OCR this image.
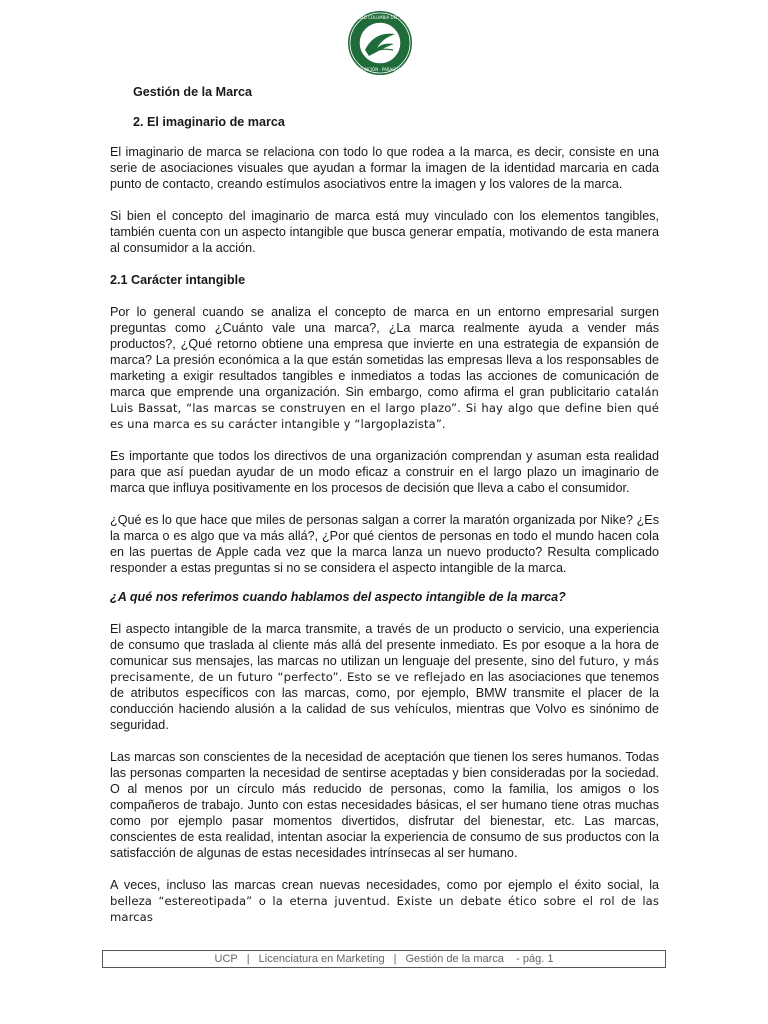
UNIVERSIDAD COLUMBIA DEL PARAGUAY
ASUNCIÓN · PARAGUAY

Gestión de la Marca

2. El imaginario de marca

El imaginario de marca se relaciona con todo lo que rodea a la marca, es decir, consiste en una serie de asociaciones visuales que ayudan a formar la imagen de la identidad marcaria en cada punto de contacto, creando estímulos asociativos entre la imagen y los valores de la marca.

Si bien el concepto del imaginario de marca está muy vinculado con los elementos tangibles, también cuenta con un aspecto intangible que busca generar empatía, motivando de esta manera al consumidor a la acción.

2.1 Carácter intangible

Por lo general cuando se analiza el concepto de marca en un entorno empresarial surgen preguntas como ¿Cuánto vale una marca?, ¿La marca realmente ayuda a vender más productos?, ¿Qué retorno obtiene una empresa que invierte en una estrategia de expansión de marca? La presión económica a la que están sometidas las empresas lleva a los responsables de marketing a exigir resultados tangibles e inmediatos a todas las acciones de comunicación de marca que emprende una organización. Sin embargo, como afirma el gran publicitario catalán Luis Bassat, “las marcas se construyen en el largo plazo”. Si hay algo que define bien qué es una marca es su carácter intangible y “largoplazista”.

Es importante que todos los directivos de una organización comprendan y asuman esta realidad para que así puedan ayudar de un modo eficaz a construir en el largo plazo un imaginario de marca que influya positivamente en los procesos de decisión que lleva a cabo el consumidor.

¿Qué es lo que hace que miles de personas salgan a correr la maratón organizada por Nike? ¿Es la marca o es algo que va más allá?, ¿Por qué cientos de personas en todo el mundo hacen cola en las puertas de Apple cada vez que la marca lanza un nuevo producto? Resulta complicado responder a estas preguntas si no se considera el aspecto intangible de la marca.

¿A qué nos referimos cuando hablamos del aspecto intangible de la marca?

El aspecto intangible de la marca transmite, a través de un producto o servicio, una experiencia de consumo que traslada al cliente más allá del presente inmediato. Es por esoque a la hora de comunicar sus mensajes, las marcas no utilizan un lenguaje del presente, sino del futuro, y más precisamente, de un futuro “perfecto”. Esto se ve reflejado en las asociaciones que tenemos de atributos específicos con las marcas, como, por ejemplo, BMW transmite el placer de la conducción haciendo alusión a la calidad de sus vehículos, mientras que Volvo es sinónimo de seguridad.

Las marcas son conscientes de la necesidad de aceptación que tienen los seres humanos. Todas las personas comparten la necesidad de sentirse aceptadas y bien consideradas por la sociedad. O al menos por un círculo más reducido de personas, como la familia, los amigos o los compañeros de trabajo. Junto con estas necesidades básicas, el ser humano tiene otras muchas como por ejemplo pasar momentos divertidos, disfrutar del bienestar, etc. Las marcas, conscientes de esta realidad, intentan asociar la experiencia de consumo de sus productos con la satisfacción de algunas de estas necesidades intrínsecas al ser humano.

A veces, incluso las marcas crean nuevas necesidades, como por ejemplo el éxito social, la belleza “estereotipada” o la eterna juventud. Existe un debate ético sobre el rol de las marcas

UCP | Licenciatura en Marketing | Gestión de la marca - pág. 1
